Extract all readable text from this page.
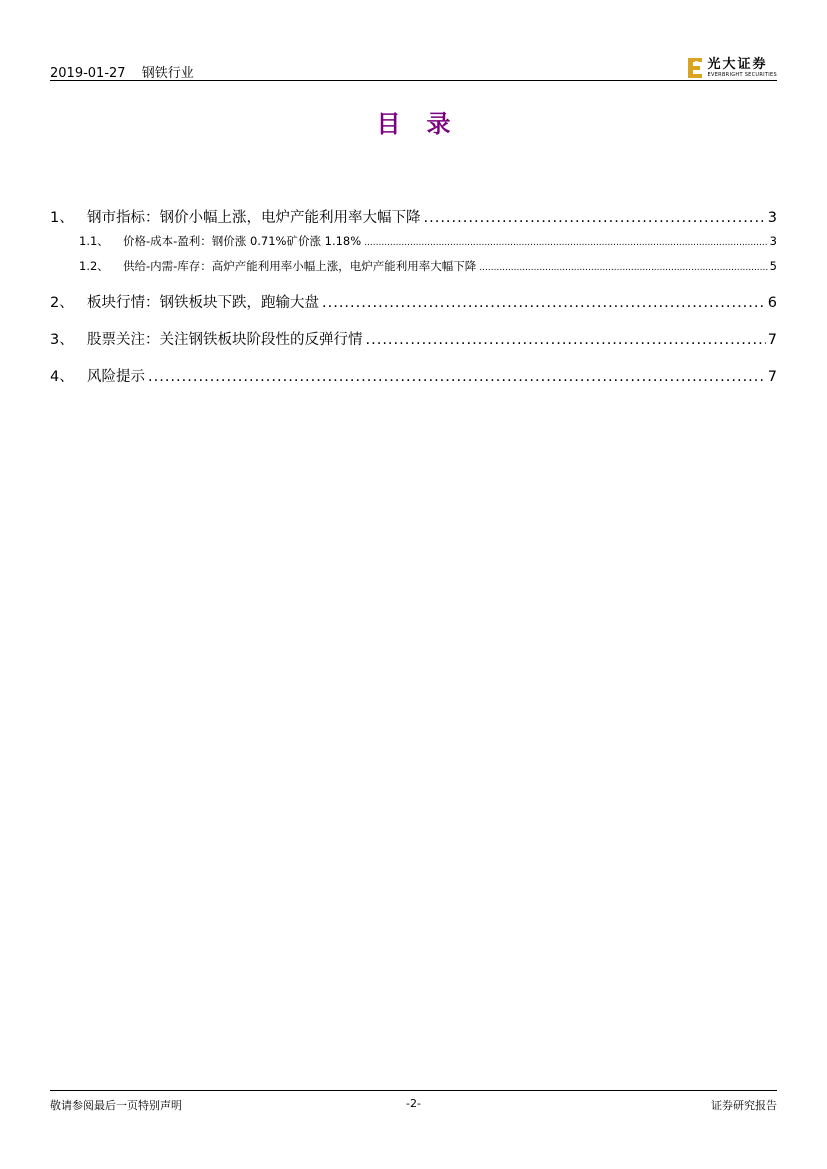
2019-01-27 钢铁行业
光大证券
EVERBRIGHT SECURITIES
目录
1、 钢市指标：钢价小幅上涨，电炉产能利用率大幅下降 .....	3
1.1、	价格-成本-盈利：钢价涨 0.71%矿价涨 1.18% .....	3
1.2、	供给-内需-库存：高炉产能利用率小幅上涨，电炉产能利用率大幅下降 .....	5
2、 板块行情：钢铁板块下跌，跑输大盘 .....	6
3、 股票关注：关注钢铁板块阶段性的反弹行情 .....	7
4、 风险提示 .....	7
敬请参阅最后一页特别声明	-2-	证券研究报告
